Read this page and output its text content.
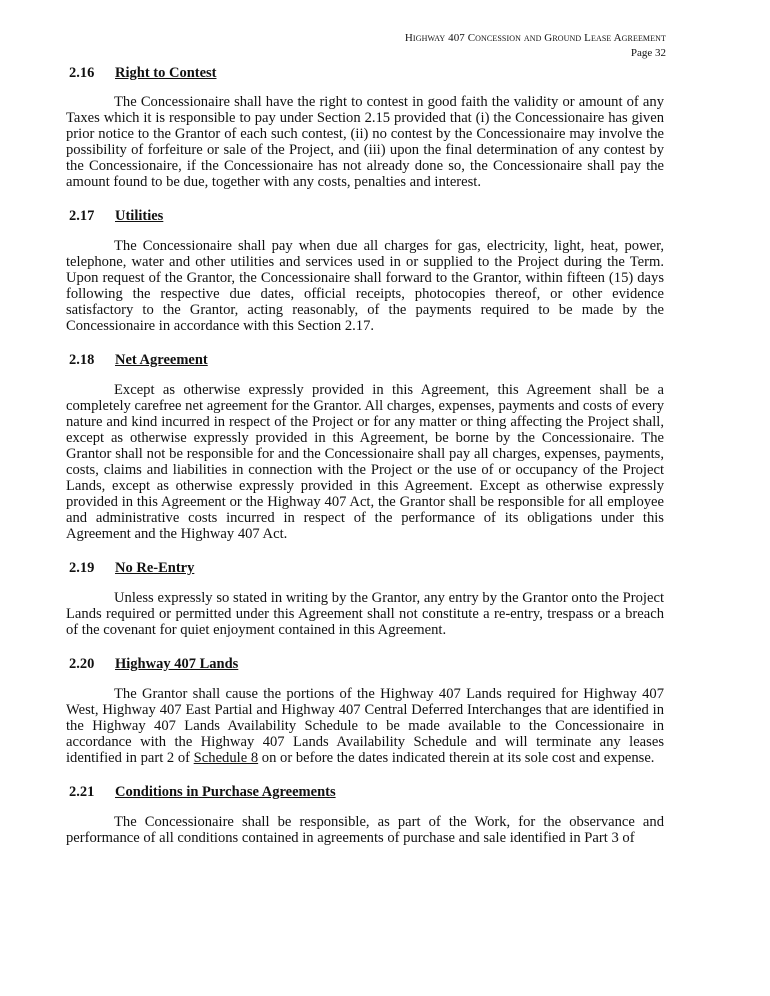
Highway 407 Concession and Ground Lease Agreement
Page 32
2.16 Right to Contest

The Concessionaire shall have the right to contest in good faith the validity or amount of any Taxes which it is responsible to pay under Section 2.15 provided that (i) the Concessionaire has given prior notice to the Grantor of each such contest, (ii) no contest by the Concessionaire may involve the possibility of forfeiture or sale of the Project, and (iii) upon the final determination of any contest by the Concessionaire, if the Concessionaire has not already done so, the Concessionaire shall pay the amount found to be due, together with any costs, penalties and interest.

2.17 Utilities

The Concessionaire shall pay when due all charges for gas, electricity, light, heat, power, telephone, water and other utilities and services used in or supplied to the Project during the Term. Upon request of the Grantor, the Concessionaire shall forward to the Grantor, within fifteen (15) days following the respective due dates, official receipts, photocopies thereof, or other evidence satisfactory to the Grantor, acting reasonably, of the payments required to be made by the Concessionaire in accordance with this Section 2.17.

2.18 Net Agreement

Except as otherwise expressly provided in this Agreement, this Agreement shall be a completely carefree net agreement for the Grantor. All charges, expenses, payments and costs of every nature and kind incurred in respect of the Project or for any matter or thing affecting the Project shall, except as otherwise expressly provided in this Agreement, be borne by the Concessionaire. The Grantor shall not be responsible for and the Concessionaire shall pay all charges, expenses, payments, costs, claims and liabilities in connection with the Project or the use of or occupancy of the Project Lands, except as otherwise expressly provided in this Agreement. Except as otherwise expressly provided in this Agreement or the Highway 407 Act, the Grantor shall be responsible for all employee and administrative costs incurred in respect of the performance of its obligations under this Agreement and the Highway 407 Act.

2.19 No Re-Entry

Unless expressly so stated in writing by the Grantor, any entry by the Grantor onto the Project Lands required or permitted under this Agreement shall not constitute a re-entry, trespass or a breach of the covenant for quiet enjoyment contained in this Agreement.

2.20 Highway 407 Lands

The Grantor shall cause the portions of the Highway 407 Lands required for Highway 407 West, Highway 407 East Partial and Highway 407 Central Deferred Interchanges that are identified in the Highway 407 Lands Availability Schedule to be made available to the Concessionaire in accordance with the Highway 407 Lands Availability Schedule and will terminate any leases identified in part 2 of Schedule 8 on or before the dates indicated therein at its sole cost and expense.

2.21 Conditions in Purchase Agreements

The Concessionaire shall be responsible, as part of the Work, for the observance and performance of all conditions contained in agreements of purchase and sale identified in Part 3 of
